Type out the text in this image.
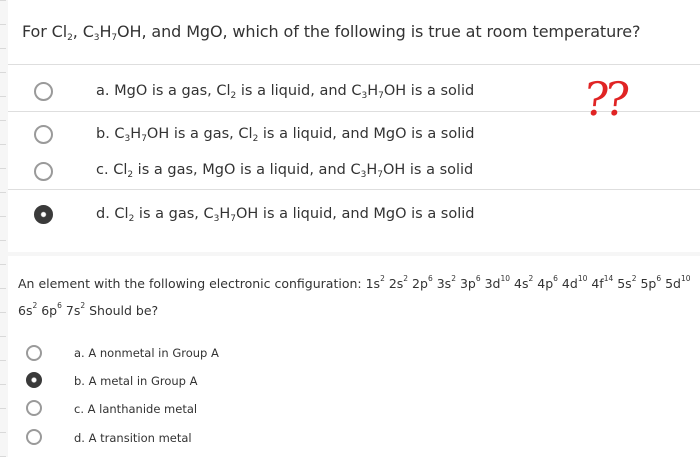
For $Cl_2$, $C_3H_7OH$, and MgO, which of the following is true at room temperature?
a. MgO is a gas, $Cl_2$ is a liquid, and $C_3H_7OH$ is a solid
b. $C_3H_7OH$ is a gas, $Cl_2$ is a liquid, and MgO is a solid
c. $Cl_2$ is a gas, MgO is a liquid, and $C_3H_7OH$ is a solid
d. $Cl_2$ is a gas, $C_3H_7OH$ is a liquid, and MgO is a solid
??
An element with the following electronic configuration: $1s^2$ $2s^2$ $2p^6$ $3s^2$ $3p^6$ $3d^{10}$ $4s^2$ $4p^6$ $4d^{10}$ $4f^{14}$ $5s^2$ $5p^6$ $5d^{10}$ $6s^2$ $6p^6$ $7s^2$ Should be?
a. A nonmetal in Group A
b. A metal in Group A
c. A lanthanide metal
d. A transition metal
